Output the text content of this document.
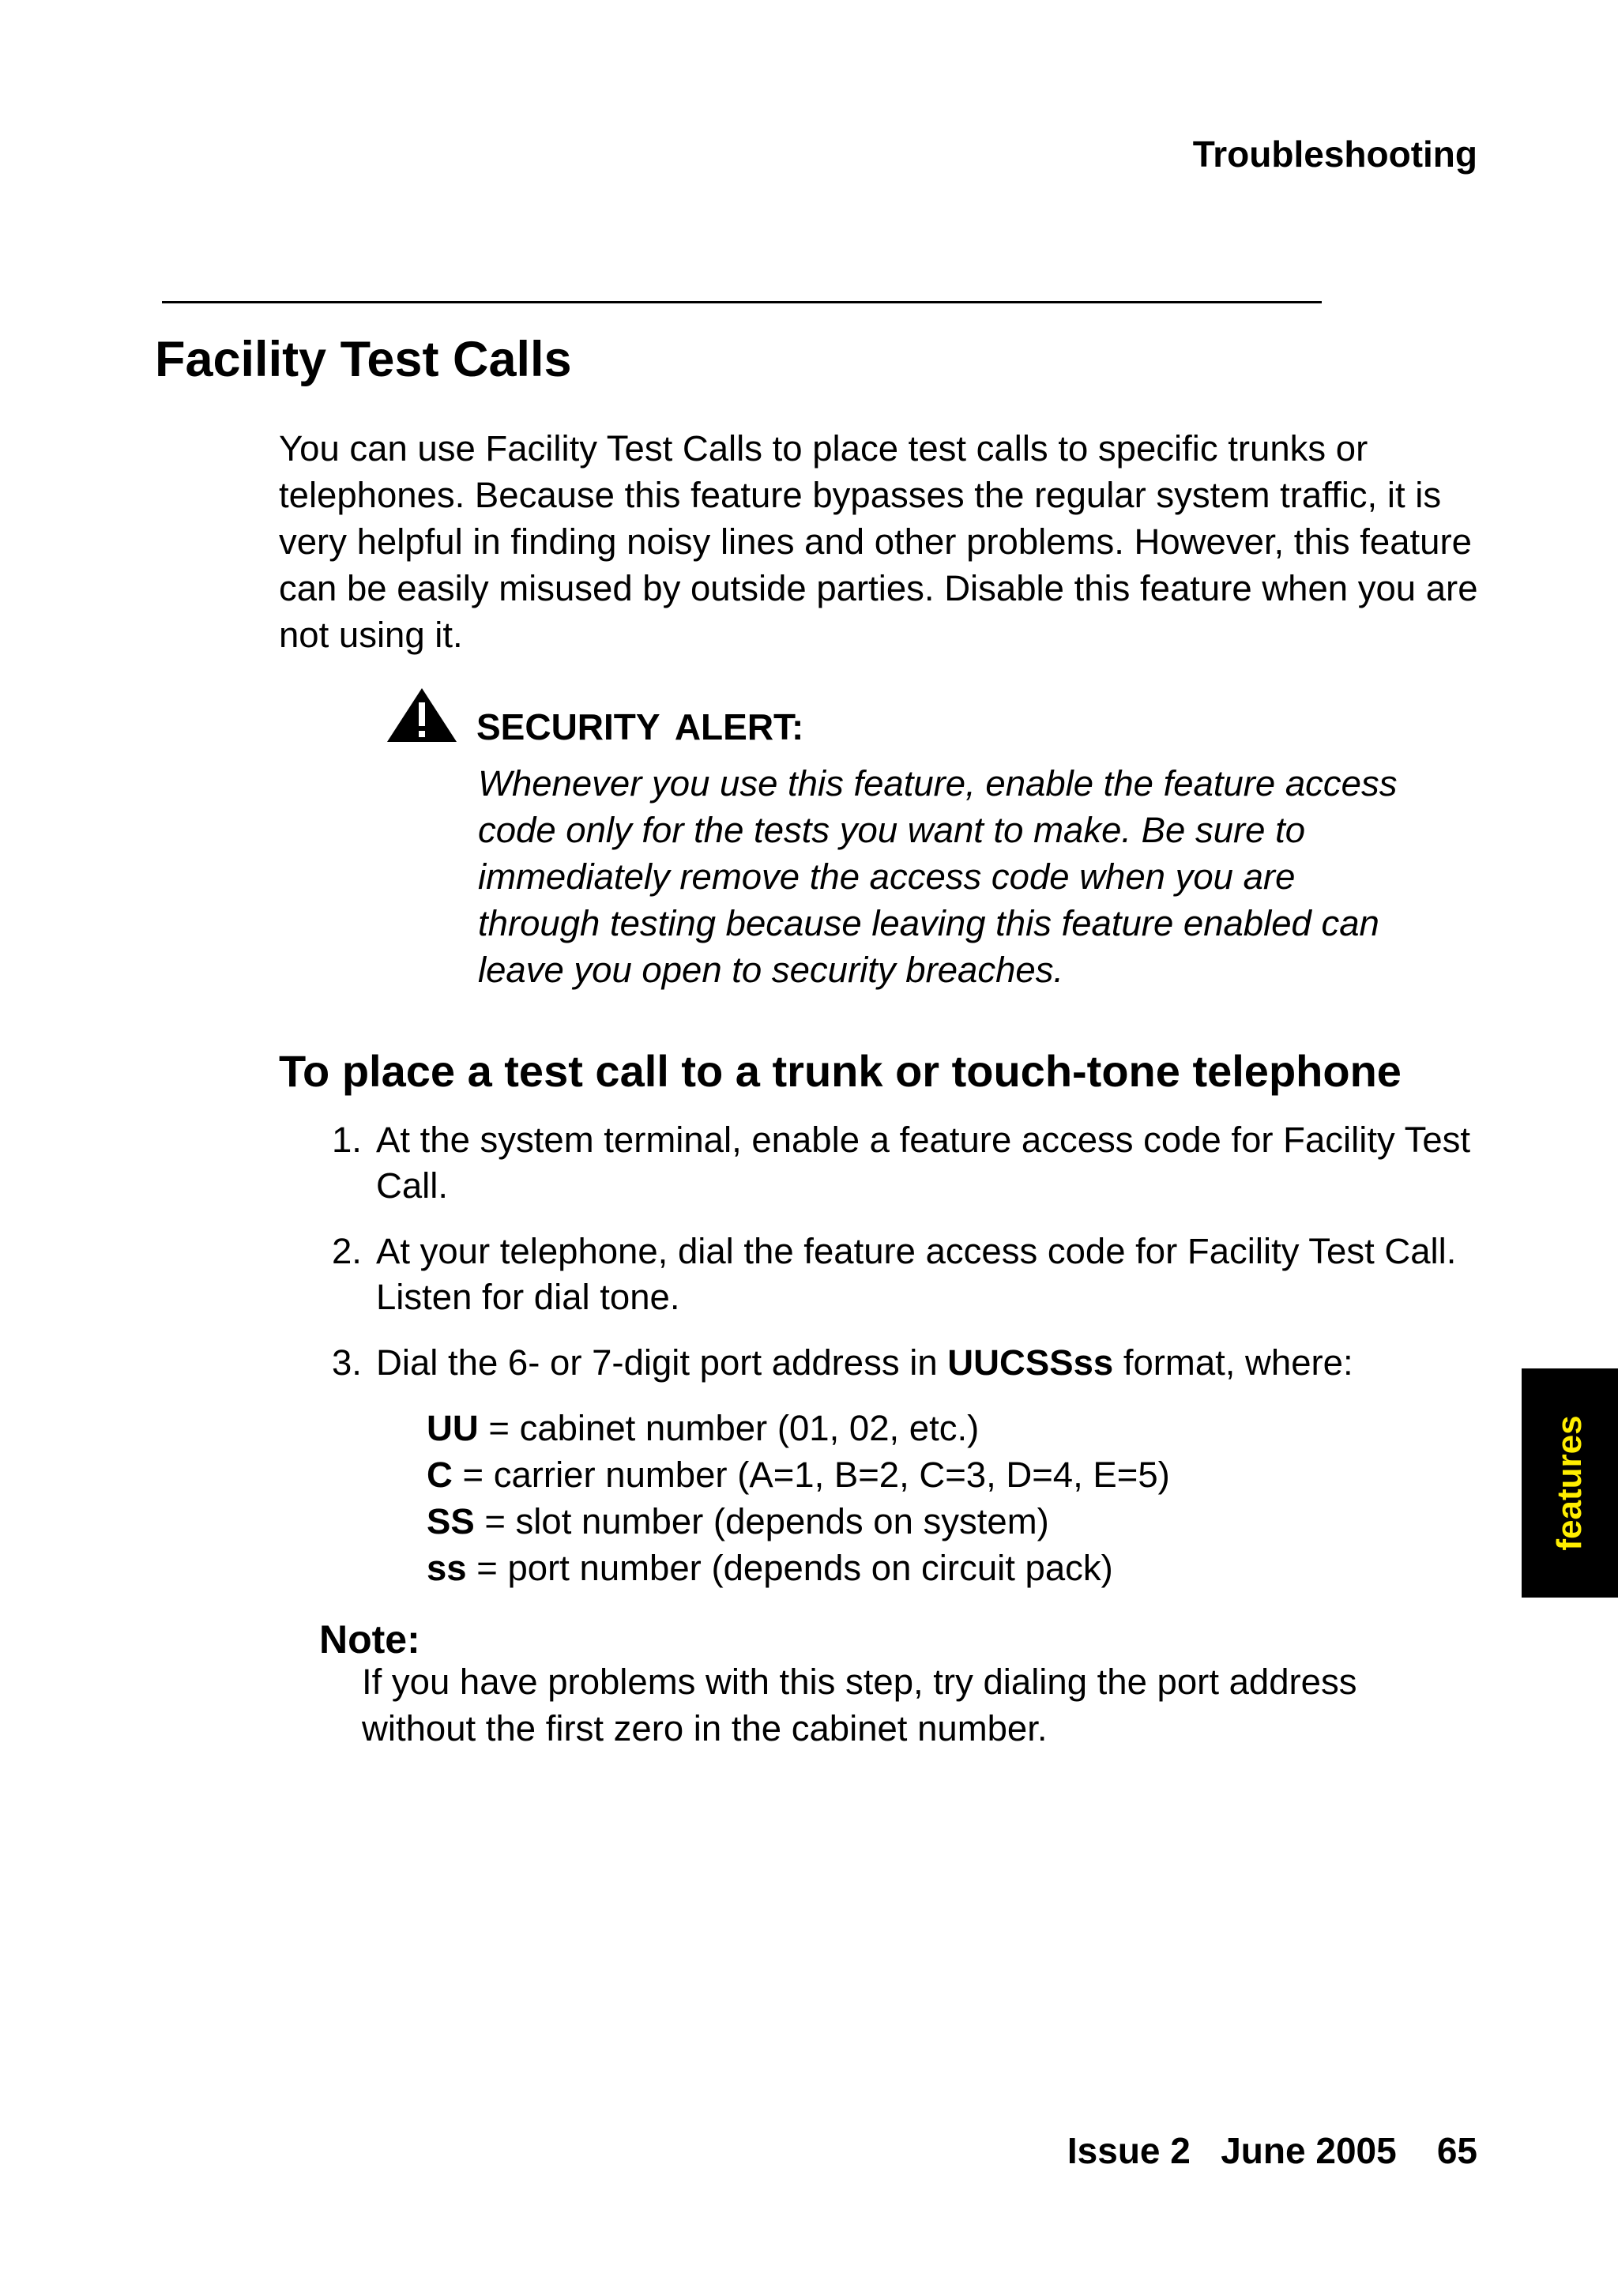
Troubleshooting
Facility Test Calls

You can use Facility Test Calls to place test calls to specific trunks or telephones. Because this feature bypasses the regular system traffic, it is very helpful in finding noisy lines and other problems. However, this feature can be easily misused by outside parties. Disable this feature when you are not using it.

SECURITY ALERT:

Whenever you use this feature, enable the feature access code only for the tests you want to make. Be sure to immediately remove the access code when you are through testing because leaving this feature enabled can leave you open to security breaches.

To place a test call to a trunk or touch-tone telephone
1. At the system terminal, enable a feature access code for Facility Test Call.
2. At your telephone, dial the feature access code for Facility Test Call. Listen for dial tone.
3. Dial the 6- or 7-digit port address in UUCSSss format, where:
UU = cabinet number (01, 02, etc.)
C = carrier number (A=1, B=2, C=3, D=4, E=5)
SS = slot number (depends on system)
ss = port number (depends on circuit pack)
Note:

If you have problems with this step, try dialing the port address without the first zero in the cabinet number.

features
Issue 2 June 2005 65
